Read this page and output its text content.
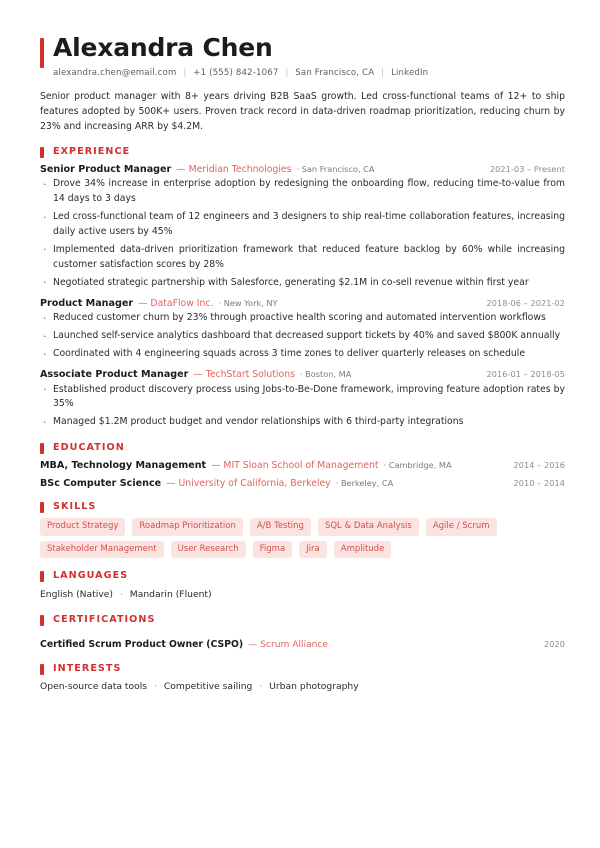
Alexandra Chen
alexandra.chen@email.com | +1 (555) 842-1067 | San Francisco, CA | LinkedIn
Senior product manager with 8+ years driving B2B SaaS growth. Led cross-functional teams of 12+ to ship features adopted by 500K+ users. Proven track record in data-driven roadmap prioritization, reducing churn by 23% and increasing ARR by $4.2M.
EXPERIENCE
Senior Product Manager — Meridian Technologies · San Francisco, CA	2021-03 – Present
· Drove 34% increase in enterprise adoption by redesigning the onboarding flow, reducing time-to-value from 14 days to 3 days
· Led cross-functional team of 12 engineers and 3 designers to ship real-time collaboration features, increasing daily active users by 45%
· Implemented data-driven prioritization framework that reduced feature backlog by 60% while increasing customer satisfaction scores by 28%
· Negotiated strategic partnership with Salesforce, generating $2.1M in co-sell revenue within first year
Product Manager — DataFlow Inc. · New York, NY	2018-06 – 2021-02
· Reduced customer churn by 23% through proactive health scoring and automated intervention workflows
· Launched self-service analytics dashboard that decreased support tickets by 40% and saved $800K annually
· Coordinated with 4 engineering squads across 3 time zones to deliver quarterly releases on schedule
Associate Product Manager — TechStart Solutions · Boston, MA	2016-01 – 2018-05
· Established product discovery process using Jobs-to-Be-Done framework, improving feature adoption rates by 35%
· Managed $1.2M product budget and vendor relationships with 6 third-party integrations
EDUCATION
MBA, Technology Management — MIT Sloan School of Management · Cambridge, MA	2014 – 2016
BSc Computer Science — University of California, Berkeley · Berkeley, CA	2010 – 2014
SKILLS
Product Strategy	Roadmap Prioritization	A/B Testing	SQL & Data Analysis	Agile / Scrum
Stakeholder Management	User Research	Figma	Jira	Amplitude
LANGUAGES
English (Native) · Mandarin (Fluent)
CERTIFICATIONS
Certified Scrum Product Owner (CSPO) — Scrum Alliance	2020
INTERESTS
Open-source data tools · Competitive sailing · Urban photography
